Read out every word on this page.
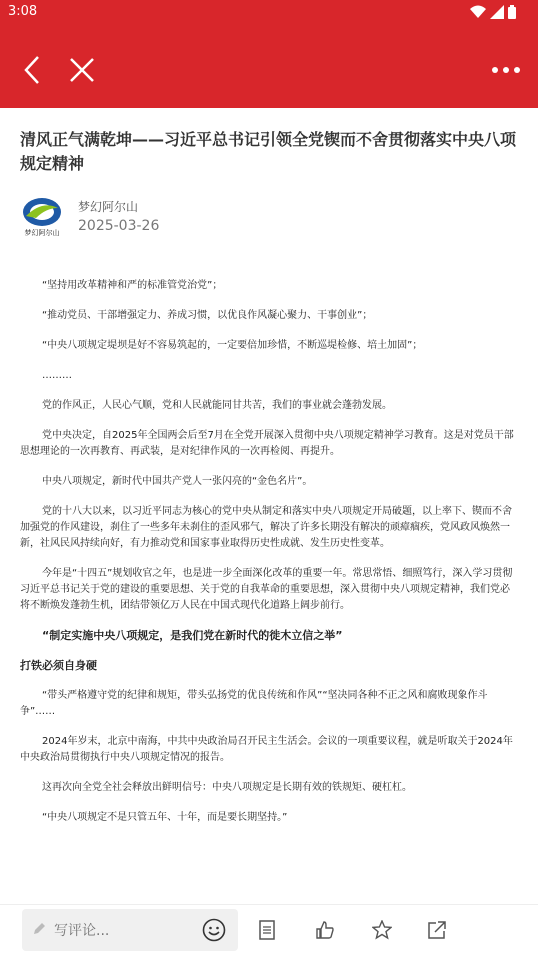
3:08
清风正气满乾坤——习近平总书记引领全党锲而不舍贯彻落实中央八项规定精神
梦幻阿尔山
梦幻阿尔山
2025-03-26

“坚持用改革精神和严的标准管党治党”；

“推动党员、干部增强定力、养成习惯，以优良作风凝心聚力、干事创业”；

“中央八项规定堤坝是好不容易筑起的，一定要倍加珍惜，不断巡堤检修、培土加固”；

………

党的作风正，人民心气顺，党和人民就能同甘共苦，我们的事业就会蓬勃发展。

党中央决定，自2025年全国两会后至7月在全党开展深入贯彻中央八项规定精神学习教育。这是对党员干部思想理论的一次再教育、再武装，是对纪律作风的一次再检阅、再提升。

中央八项规定，新时代中国共产党人一张闪亮的“金色名片”。

党的十八大以来，以习近平同志为核心的党中央从制定和落实中央八项规定开局破题，以上率下、锲而不舍加强党的作风建设，刹住了一些多年未刹住的歪风邪气，解决了许多长期没有解决的顽瘴痼疾，党风政风焕然一新，社风民风持续向好，有力推动党和国家事业取得历史性成就、发生历史性变革。

今年是“十四五”规划收官之年，也是进一步全面深化改革的重要一年。常思常悟、细照笃行，深入学习贯彻习近平总书记关于党的建设的重要思想、关于党的自我革命的重要思想，深入贯彻中央八项规定精神，我们党必将不断焕发蓬勃生机，团结带领亿万人民在中国式现代化道路上阔步前行。

“制定实施中央八项规定，是我们党在新时代的徙木立信之举”

打铁必须自身硬

“带头严格遵守党的纪律和规矩，带头弘扬党的优良传统和作风”“坚决同各种不正之风和腐败现象作斗争”……

2024年岁末，北京中南海，中共中央政治局召开民主生活会。会议的一项重要议程，就是听取关于2024年中央政治局贯彻执行中央八项规定情况的报告。

这再次向全党全社会释放出鲜明信号：中央八项规定是长期有效的铁规矩、硬杠杠。

“中央八项规定不是只管五年、十年，而是要长期坚持。”

写评论...
